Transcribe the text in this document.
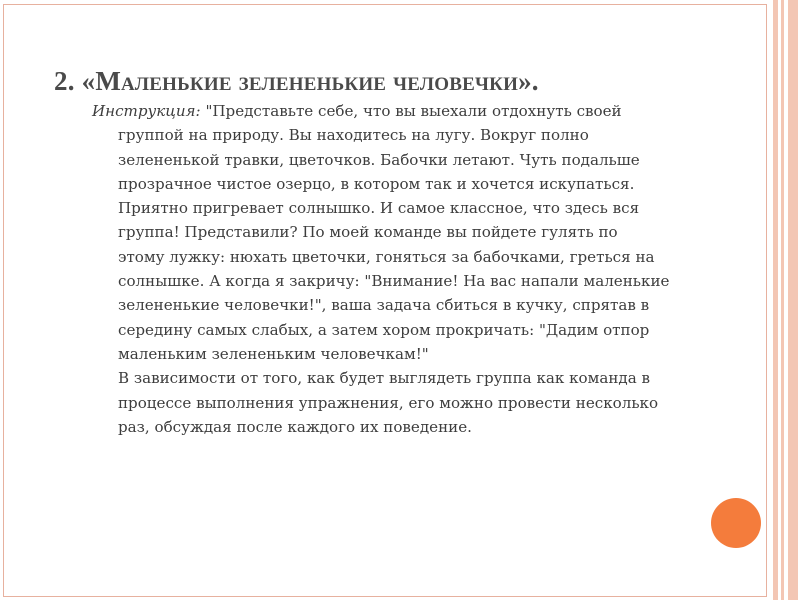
2. «Маленькие зелененькие человечки».
Инструкция: "Представьте себе, что вы выехали отдохнуть своей
группой на природу. Вы находитесь на лугу. Вокруг полно
зелененькой травки, цветочков. Бабочки летают. Чуть подальше
прозрачное чистое озерцо, в котором так и хочется искупаться.
Приятно пригревает солнышко. И самое классное, что здесь вся
группа! Представили? По моей команде вы пойдете гулять по
этому лужку: нюхать цветочки, гоняться за бабочками, греться на
солнышке. А когда я закричу: "Внимание! На вас напали маленькие
зелененькие человечки!", ваша задача сбиться в кучку, спрятав в
середину самых слабых, а затем хором прокричать: "Дадим отпор
маленьким зелененьким человечкам!"
В зависимости от того, как будет выглядеть группа как команда в
процессе выполнения упражнения, его можно провести несколько
раз, обсуждая после каждого их поведение.
